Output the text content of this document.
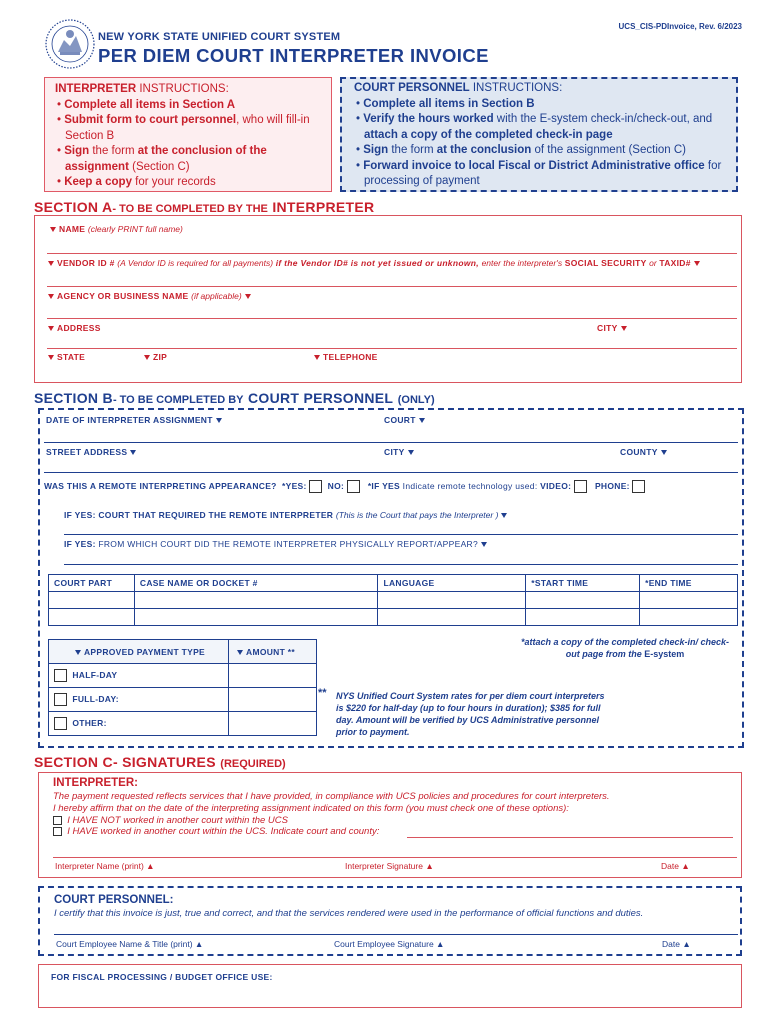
UCS_CIS-PDInvoice, Rev. 6/2023
NEW YORK STATE UNIFIED COURT SYSTEM
PER DIEM COURT INTERPRETER INVOICE
INTERPRETER INSTRUCTIONS:
• Complete all items in Section A
• Submit form to court personnel, who will fill-in Section B
• Sign the form at the conclusion of the assignment (Section C)
• Keep a copy for your records
COURT PERSONNEL INSTRUCTIONS:
• Complete all items in Section B
• Verify the hours worked with the E-system check-in/check-out, and attach a copy of the completed check-in page
• Sign the form at the conclusion of the assignment (Section C)
• Forward invoice to local Fiscal or District Administrative office for processing of payment
SECTION A- TO BE COMPLETED BY THE INTERPRETER
NAME (clearly PRINT full name)
VENDOR ID # (A Vendor ID is required for all payments) if the Vendor ID# is not yet issued or unknown, enter the interpreter's SOCIAL SECURITY or TAXID#
AGENCY OR BUSINESS NAME (if applicable)
ADDRESS	CITY
STATE	ZIP	TELEPHONE
SECTION B- TO BE COMPLETED BY COURT PERSONNEL (ONLY)
DATE OF INTERPRETER ASSIGNMENT	COURT
STREET ADDRESS	CITY	COUNTY
WAS THIS A REMOTE INTERPRETING APPEARANCE? *YES: NO:	*IF YES Indicate remote technology used: VIDEO:	PHONE:
IF YES: COURT THAT REQUIRED THE REMOTE INTERPRETER (This is the Court that pays the Interpreter )
IF YES: FROM WHICH COURT DID THE REMOTE INTERPRETER PHYSICALLY REPORT/APPEAR?
COURT PART	CASE NAME OR DOCKET #	LANGUAGE	*START TIME	*END TIME

*attach a copy of the completed check-in/ check-out page from the E-system
APPROVED PAYMENT TYPE	AMOUNT **
HALF-DAY	
FULL-DAY:	
OTHER:	
** NYS Unified Court System rates for per diem court interpreters is $220 for half-day (up to four hours in duration); $385 for full day. Amount will be verified by UCS Administrative personnel prior to payment.
SECTION C- SIGNATURES (REQUIRED)
INTERPRETER:
The payment requested reflects services that I have provided, in compliance with UCS policies and procedures for court interpreters.
I hereby affirm that on the date of the interpreting assignment indicated on this form (you must check one of these options):
I HAVE NOT worked in another court within the UCS
I HAVE worked in another court within the UCS. Indicate court and county:
Interpreter Name (print) ▲	Interpreter Signature ▲	Date ▲
COURT PERSONNEL:
I certify that this invoice is just, true and correct, and that the services rendered were used in the performance of official functions and duties.
Court Employee Name & Title (print) ▲	Court Employee Signature ▲	Date ▲
FOR FISCAL PROCESSING / BUDGET OFFICE USE:
